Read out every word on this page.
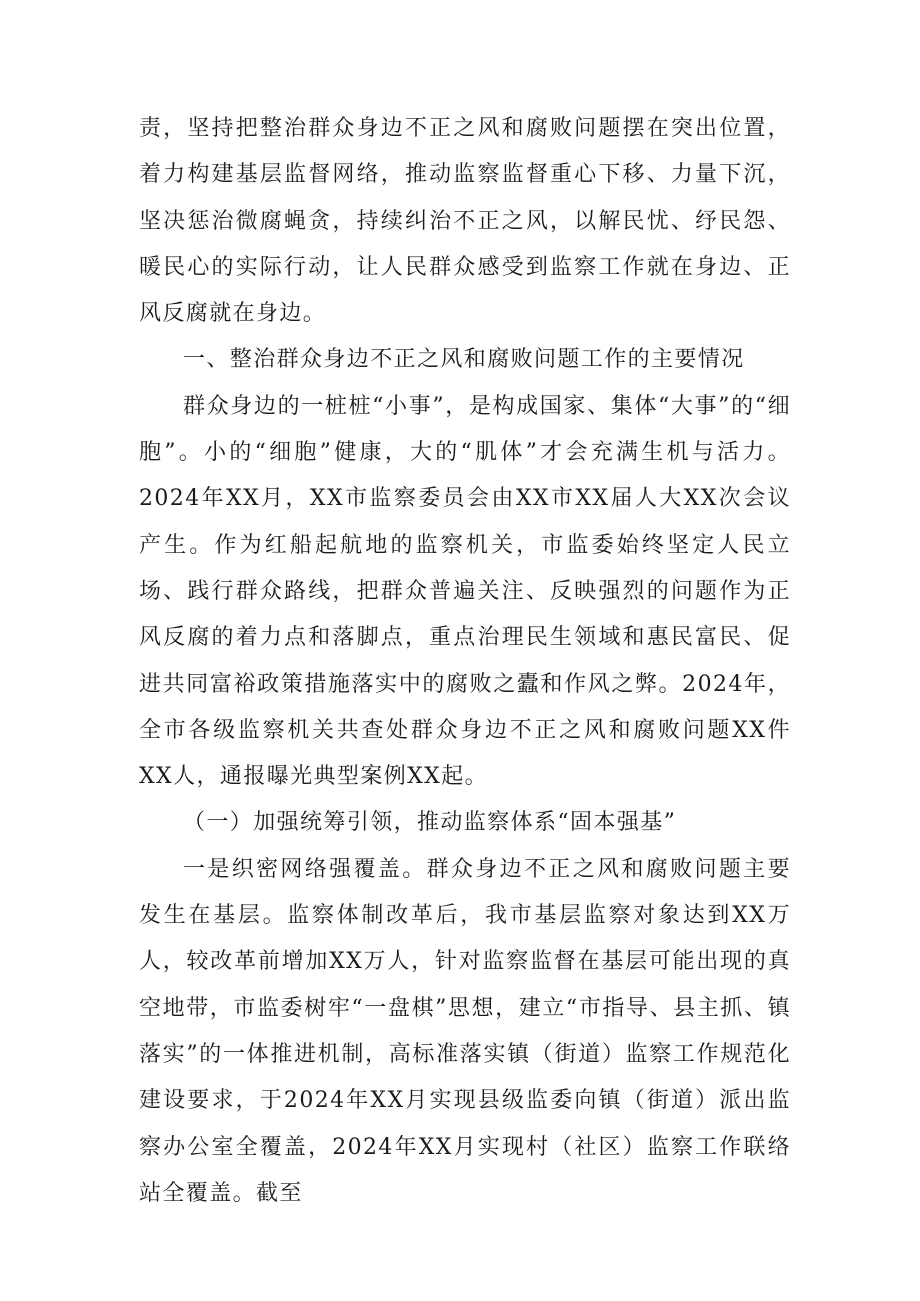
责，坚持把整治群众身边不正之风和腐败问题摆在突出位置，着力构建基层监督网络，推动监察监督重心下移、力量下沉，坚决惩治微腐蝇贪，持续纠治不正之风，以解民忧、纾民怨、暖民心的实际行动，让人民群众感受到监察工作就在身边、正风反腐就在身边。

一、整治群众身边不正之风和腐败问题工作的主要情况

群众身边的一桩桩“小事”，是构成国家、集体“大事”的“细胞”。小的“细胞”健康，大的“肌体”才会充满生机与活力。2024年XX月，XX市监察委员会由XX市XX届人大XX次会议产生。作为红船起航地的监察机关，市监委始终坚定人民立场、践行群众路线，把群众普遍关注、反映强烈的问题作为正风反腐的着力点和落脚点，重点治理民生领域和惠民富民、促进共同富裕政策措施落实中的腐败之蠹和作风之弊。2024年，全市各级监察机关共查处群众身边不正之风和腐败问题XX件XX人，通报曝光典型案例XX起。

（一）加强统筹引领，推动监察体系“固本强基”

一是织密网络强覆盖。群众身边不正之风和腐败问题主要发生在基层。监察体制改革后，我市基层监察对象达到XX万人，较改革前增加XX万人，针对监察监督在基层可能出现的真空地带，市监委树牢“一盘棋”思想，建立“市指导、县主抓、镇落实”的一体推进机制，高标准落实镇（街道）监察工作规范化建设要求，于2024年XX月实现县级监委向镇（街道）派出监察办公室全覆盖，2024年XX月实现村（社区）监察工作联络站全覆盖。截至
